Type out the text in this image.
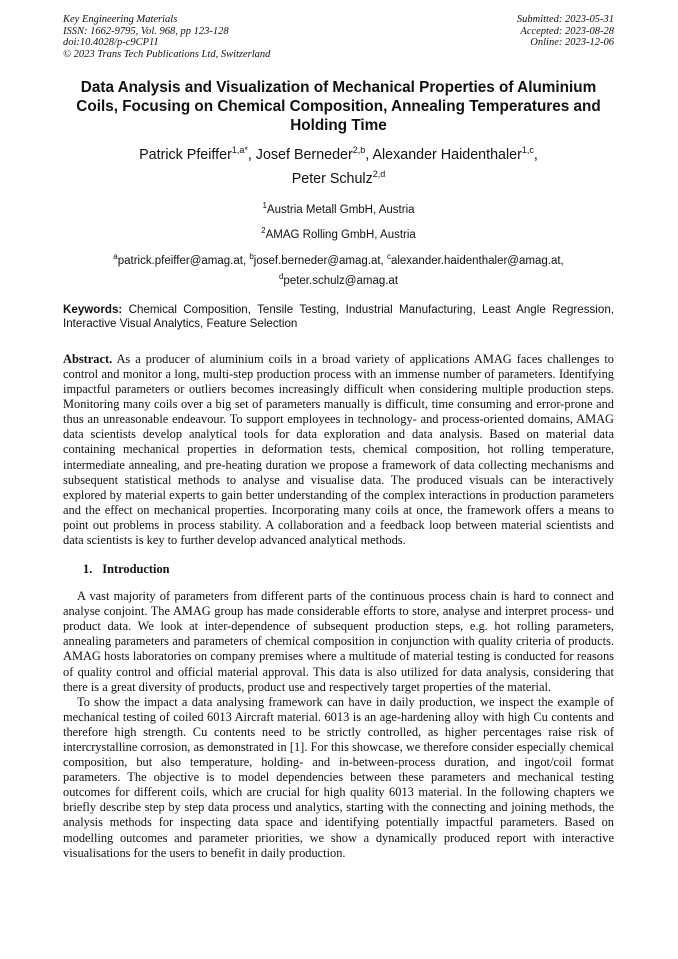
Key Engineering Materials
ISSN: 1662-9795, Vol. 968, pp 123-128
doi:10.4028/p-c9CP1I
© 2023 Trans Tech Publications Ltd, Switzerland
Submitted: 2023-05-31
Accepted: 2023-08-28
Online: 2023-12-06
Data Analysis and Visualization of Mechanical Properties of Aluminium Coils, Focusing on Chemical Composition, Annealing Temperatures and Holding Time
Patrick Pfeiffer$^{1,a*}$, Josef Berneder$^{2,b}$, Alexander Haidenthaler$^{1,c}$,
Peter Schulz$^{2,d}$
$^1$Austria Metall GmbH, Austria
$^2$AMAG Rolling GmbH, Austria
$^a$patrick.pfeiffer@amag.at, $^b$josef.berneder@amag.at, $^c$alexander.haidenthaler@amag.at,
$^d$peter.schulz@amag.at
Keywords: Chemical Composition, Tensile Testing, Industrial Manufacturing, Least Angle Regression, Interactive Visual Analytics, Feature Selection
Abstract. As a producer of aluminium coils in a broad variety of applications AMAG faces challenges to control and monitor a long, multi-step production process with an immense number of parameters. Identifying impactful parameters or outliers becomes increasingly difficult when considering multiple production steps. Monitoring many coils over a big set of parameters manually is difficult, time consuming and error-prone and thus an unreasonable endeavour. To support employees in technology- and process-oriented domains, AMAG data scientists develop analytical tools for data exploration and data analysis. Based on material data containing mechanical properties in deformation tests, chemical composition, hot rolling temperature, intermediate annealing, and pre-heating duration we propose a framework of data collecting mechanisms and subsequent statistical methods to analyse and visualise data. The produced visuals can be interactively explored by material experts to gain better understanding of the complex interactions in production parameters and the effect on mechanical properties. Incorporating many coils at once, the framework offers a means to point out problems in process stability. A collaboration and a feedback loop between material scientists and data scientists is key to further develop advanced analytical methods.
1. Introduction
A vast majority of parameters from different parts of the continuous process chain is hard to connect and analyse conjoint. The AMAG group has made considerable efforts to store, analyse and interpret process- und product data. We look at inter-dependence of subsequent production steps, e.g. hot rolling parameters, annealing parameters and parameters of chemical composition in conjunction with quality criteria of products. AMAG hosts laboratories on company premises where a multitude of material testing is conducted for reasons of quality control and official material approval. This data is also utilized for data analysis, considering that there is a great diversity of products, product use and respectively target properties of the material.
To show the impact a data analysing framework can have in daily production, we inspect the example of mechanical testing of coiled 6013 Aircraft material. 6013 is an age-hardening alloy with high Cu contents and therefore high strength. Cu contents need to be strictly controlled, as higher percentages raise risk of intercrystalline corrosion, as demonstrated in [1]. For this showcase, we therefore consider especially chemical composition, but also temperature, holding- and in-between-process duration, and ingot/coil format parameters. The objective is to model dependencies between these parameters and mechanical testing outcomes for different coils, which are crucial for high quality 6013 material. In the following chapters we briefly describe step by step data process und analytics, starting with the connecting and joining methods, the analysis methods for inspecting data space and identifying potentially impactful parameters. Based on modelling outcomes and parameter priorities, we show a dynamically produced report with interactive visualisations for the users to benefit in daily production.
